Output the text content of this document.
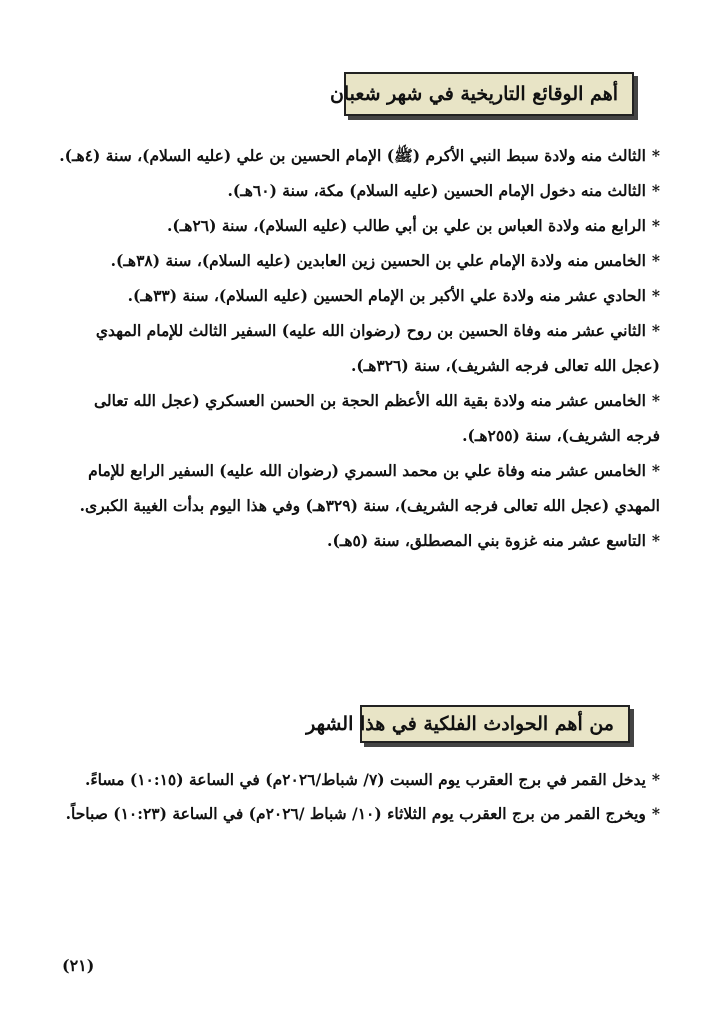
أهم الوقائع التاريخية في شهر شعبان

*الثالث منه ولادة سبط النبي الأكرم (ﷺ) الإمام الحسين بن علي (عليه السلام)، سنة (٤هـ).

*الثالث منه دخول الإمام الحسين (عليه السلام) مكة، سنة (٦٠هـ).

*الرابع منه ولادة العباس بن علي بن أبي طالب (عليه السلام)، سنة (٢٦هـ).

*الخامس منه ولادة الإمام علي بن الحسين زين العابدين (عليه السلام)، سنة (٣٨هـ).

*الحادي عشر منه ولادة علي الأكبر بن الإمام الحسين (عليه السلام)، سنة (٣٣هـ).

*الثاني عشر منه وفاة الحسين بن روح (رضوان الله عليه) السفير الثالث للإمام المهدي (عجل الله تعالى فرجه الشريف)، سنة (٣٢٦هـ).

*الخامس عشر منه ولادة بقية الله الأعظم الحجة بن الحسن العسكري (عجل الله تعالى فرجه الشريف)، سنة (٢٥٥هـ).

*الخامس عشر منه وفاة علي بن محمد السمري (رضوان الله عليه) السفير الرابع للإمام المهدي (عجل الله تعالى فرجه الشريف)، سنة (٣٢٩هـ) وفي هذا اليوم بدأت الغيبة الكبرى.

*التاسع عشر منه غزوة بني المصطلق، سنة (٥هـ).

من أهم الحوادث الفلكية في هذا الشهر

*يدخل القمر في برج العقرب يوم السبت (٧/ شباط/٢٠٢٦م) في الساعة (١٠:١٥) مساءً.

*ويخرج القمر من برج العقرب يوم الثلاثاء (١٠/ شباط /٢٠٢٦م) في الساعة (١٠:٢٣) صباحاً.

(٢١)
